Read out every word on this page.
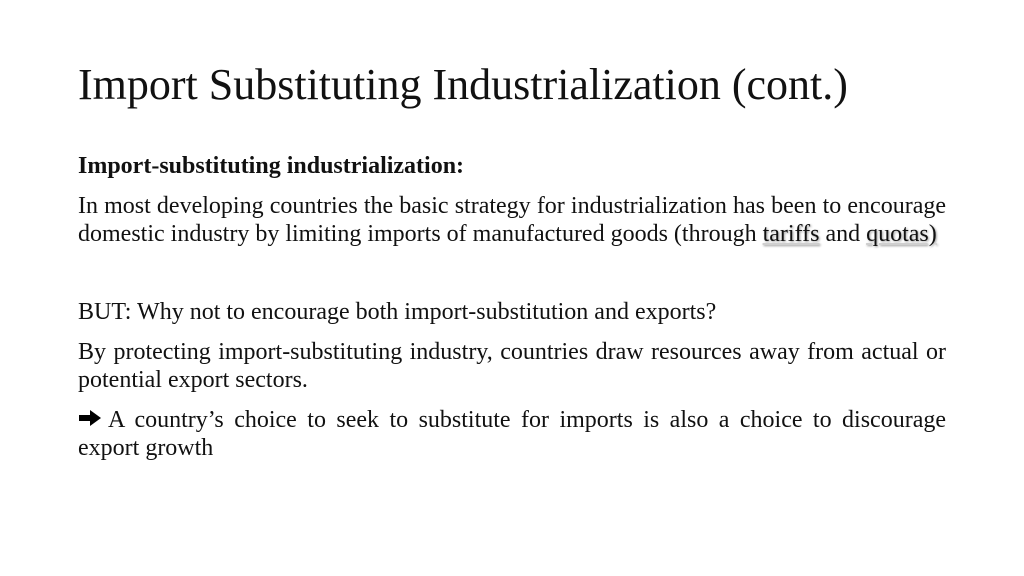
Import Substituting Industrialization (cont.)

Import-substituting industrialization:

In most developing countries the basic strategy for industrialization has been to encourage domestic industry by limiting imports of manufactured goods (through tariffs and quotas)

BUT: Why not to encourage both import-substitution and exports?

By protecting import-substituting industry, countries draw resources away from actual or potential export sectors.

A country’s choice to seek to substitute for imports is also a choice to discourage export growth
